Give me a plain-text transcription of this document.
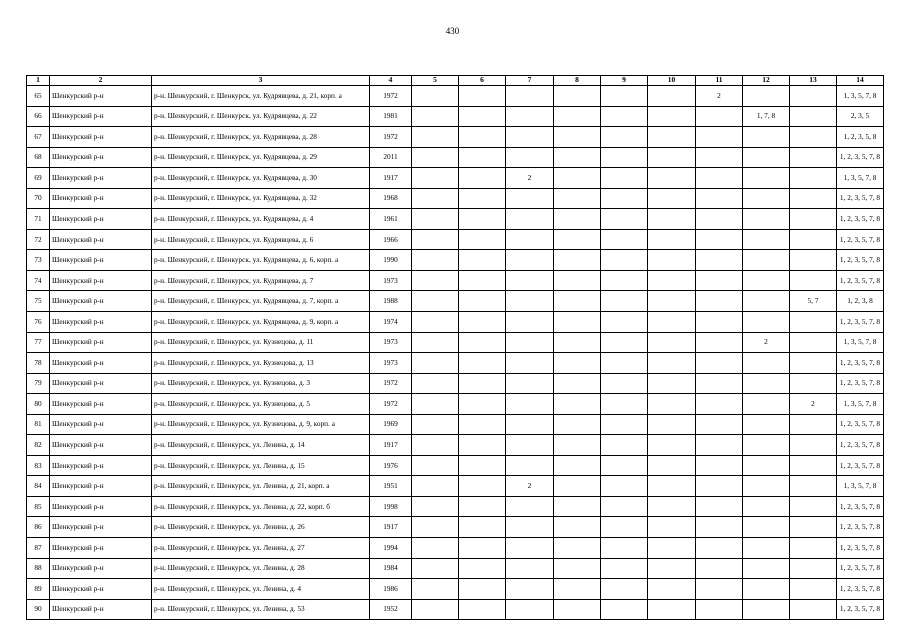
430
1	2	3	4	5	6	7	8	9	10	11	12	13	14
65	Шенкурский р-н	р-н. Шенкурский, г. Шенкурск, ул. Кудрявцева, д. 21, корп. а	1972							2			1, 3, 5, 7, 8
66	Шенкурский р-н	р-н. Шенкурский, г. Шенкурск, ул. Кудрявцева, д. 22	1981								1, 7, 8		2, 3, 5
67	Шенкурский р-н	р-н. Шенкурский, г. Шенкурск, ул. Кудрявцева, д. 28	1972										1, 2, 3, 5, 8
68	Шенкурский р-н	р-н. Шенкурский, г. Шенкурск, ул. Кудрявцева, д. 29	2011										1, 2, 3, 5, 7, 8
69	Шенкурский р-н	р-н. Шенкурский, г. Шенкурск, ул. Кудрявцева, д. 30	1917			2							1, 3, 5, 7, 8
70	Шенкурский р-н	р-н. Шенкурский, г. Шенкурск, ул. Кудрявцева, д. 32	1968										1, 2, 3, 5, 7, 8
71	Шенкурский р-н	р-н. Шенкурский, г. Шенкурск, ул. Кудрявцева, д. 4	1961										1, 2, 3, 5, 7, 8
72	Шенкурский р-н	р-н. Шенкурский, г. Шенкурск, ул. Кудрявцева, д. 6	1966										1, 2, 3, 5, 7, 8
73	Шенкурский р-н	р-н. Шенкурский, г. Шенкурск, ул. Кудрявцева, д. 6, корп. а	1990										1, 2, 3, 5, 7, 8
74	Шенкурский р-н	р-н. Шенкурский, г. Шенкурск, ул. Кудрявцева, д. 7	1973										1, 2, 3, 5, 7, 8
75	Шенкурский р-н	р-н. Шенкурский, г. Шенкурск, ул. Кудрявцева, д. 7, корп. а	1988									5, 7	1, 2, 3, 8
76	Шенкурский р-н	р-н. Шенкурский, г. Шенкурск, ул. Кудрявцева, д. 9, корп. а	1974										1, 2, 3, 5, 7, 8
77	Шенкурский р-н	р-н. Шенкурский, г. Шенкурск, ул. Кузнецова, д. 11	1973								2		1, 3, 5, 7, 8
78	Шенкурский р-н	р-н. Шенкурский, г. Шенкурск, ул. Кузнецова, д. 13	1973										1, 2, 3, 5, 7, 8
79	Шенкурский р-н	р-н. Шенкурский, г. Шенкурск, ул. Кузнецова, д. 3	1972										1, 2, 3, 5, 7, 8
80	Шенкурский р-н	р-н. Шенкурский, г. Шенкурск, ул. Кузнецова, д. 5	1972									2	1, 3, 5, 7, 8
81	Шенкурский р-н	р-н. Шенкурский, г. Шенкурск, ул. Кузнецова, д. 9, корп. а	1969										1, 2, 3, 5, 7, 8
82	Шенкурский р-н	р-н. Шенкурский, г. Шенкурск, ул. Ленина, д. 14	1917										1, 2, 3, 5, 7, 8
83	Шенкурский р-н	р-н. Шенкурский, г. Шенкурск, ул. Ленина, д. 15	1976										1, 2, 3, 5, 7, 8
84	Шенкурский р-н	р-н. Шенкурский, г. Шенкурск, ул. Ленина, д. 21, корп. а	1951			2							1, 3, 5, 7, 8
85	Шенкурский р-н	р-н. Шенкурский, г. Шенкурск, ул. Ленина, д. 22, корп. б	1998										1, 2, 3, 5, 7, 8
86	Шенкурский р-н	р-н. Шенкурский, г. Шенкурск, ул. Ленина, д. 26	1917										1, 2, 3, 5, 7, 8
87	Шенкурский р-н	р-н. Шенкурский, г. Шенкурск, ул. Ленина, д. 27	1994										1, 2, 3, 5, 7, 8
88	Шенкурский р-н	р-н. Шенкурский, г. Шенкурск, ул. Ленина, д. 28	1984										1, 2, 3, 5, 7, 8
89	Шенкурский р-н	р-н. Шенкурский, г. Шенкурск, ул. Ленина, д. 4	1986										1, 2, 3, 5, 7, 8
90	Шенкурский р-н	р-н. Шенкурский, г. Шенкурск, ул. Ленина, д. 53	1952										1, 2, 3, 5, 7, 8
